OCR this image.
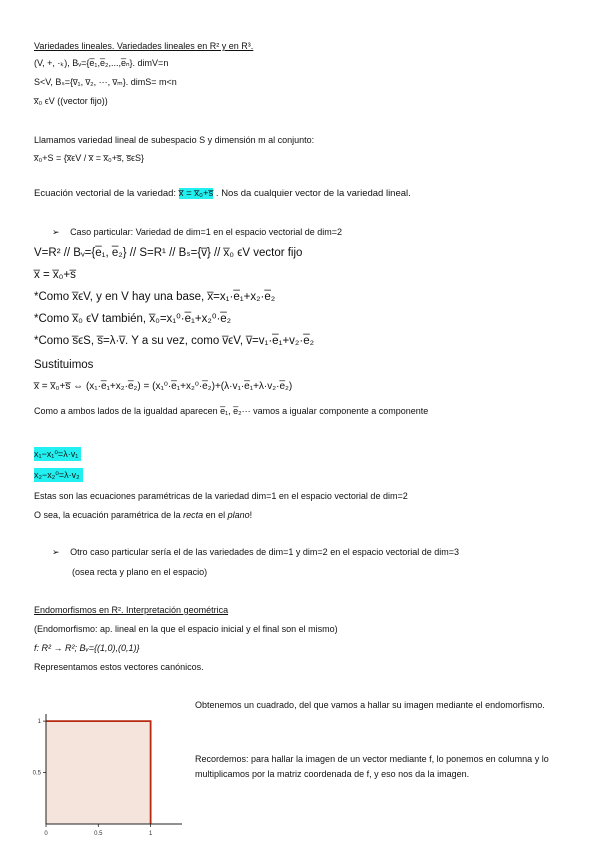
Variedades lineales. Variedades lineales en R² y en R³.
(V, +, ·ₖ), Bᵥ={e̅₁,e̅₂,...,e̅ₙ}. dimV=n
S<V, Bₛ={v̅₁, v̅₂, ···, v̅ₘ}. dimS= m<n
x̅₀ ϵV ((vector fijo))
Llamamos variedad lineal de subespacio S y dimensión m al conjunto:
x̅₀+S = {x̅ϵV / x̅ = x̅₀+s̅, s̅ϵS}
Ecuación vectorial de la variedad: x̅ = x̅₀+s̅ . Nos da cualquier vector de la variedad lineal.
➢ Caso particular: Variedad de dim=1 en el espacio vectorial de dim=2
V=R² // Bᵥ={e̅₁, e̅₂} // S=R¹ // Bₛ={v̅} // x̅₀ ϵV vector fijo
x̅ = x̅₀+s̅
*Como x̅ϵV, y en V hay una base, x̅=x₁·e̅₁+x₂·e̅₂
*Como x̅₀ ϵV también, x̅₀=x₁⁰·e̅₁+x₂⁰·e̅₂
*Como s̅ϵS, s̅=λ·v̅. Y a su vez, como v̅ϵV, v̅=v₁·e̅₁+v₂·e̅₂
Sustituimos
x̅ = x̅₀+s̅ ⇔ (x₁·e̅₁+x₂·e̅₂) = (x₁⁰·e̅₁+x₂⁰·e̅₂)+(λ·v₁·e̅₁+λ·v₂·e̅₂)
Como a ambos lados de la igualdad aparecen e̅₁, e̅₂··· vamos a igualar componente a componente
x₁−x₁⁰=λ·v₁
x₂−x₂⁰=λ·v₂
Estas son las ecuaciones paramétricas de la variedad dim=1 en el espacio vectorial de dim=2
O sea, la ecuación paramétrica de la recta en el plano!
➢ Otro caso particular sería el de las variedades de dim=1 y dim=2 en el espacio vectorial de dim=3
(osea recta y plano en el espacio)
Endomorfismos en R². Interpretación geométrica
(Endomorfismo: ap. lineal en la que el espacio inicial y el final son el mismo)
f: R² → R²; Bᵥ={(1,0),(0,1)}
Representamos estos vectores canónicos.
0	0.5	1
0.5
1
Obtenemos un cuadrado, del que vamos a hallar su imagen mediante el endomorfismo.
Recordemos: para hallar la imagen de un vector mediante f, lo ponemos en columna y lo multiplicamos por la matriz coordenada de f, y eso nos da la imagen.
